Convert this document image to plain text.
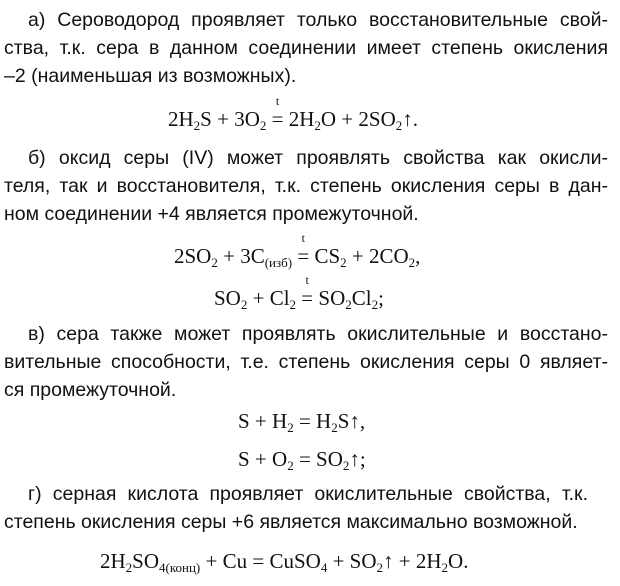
а) Сероводород проявляет только восстановительные свой-
ства, т.к. сера в данном соединении имеет степень окисления
–2 (наименьшая из возможных).
$2H_2S + 3O_2$ =
t
$2H_2O$ + $2SO_2↑$.
б) оксид серы (IV) может проявлять свойства как окисли-
теля, так и восстановителя, т.к. степень окисления серы в дан-
ном соединении +4 является промежуточной.
$2SO_2 + 3C_{(изб)}$ =
t
$CS_2 + 2CO_2$,
$SO_2 + Cl_2$ =
t
$SO_2Cl_2$;
в) сера также может проявлять окислительные и восстано-
вительные способности, т.е. степень окисления серы 0 являет-
ся промежуточной.
$S + H_2$ = $H_2S↑$,
$S + O_2$ = $SO_2↑$;
г) серная кислота проявляет окислительные свойства, т.к.
степень окисления серы +6 является максимально возможной.
$2H_2SO_{4(конц)} + Cu$ = CuSO$_4$ + $SO_2↑ + 2H_2O$.
